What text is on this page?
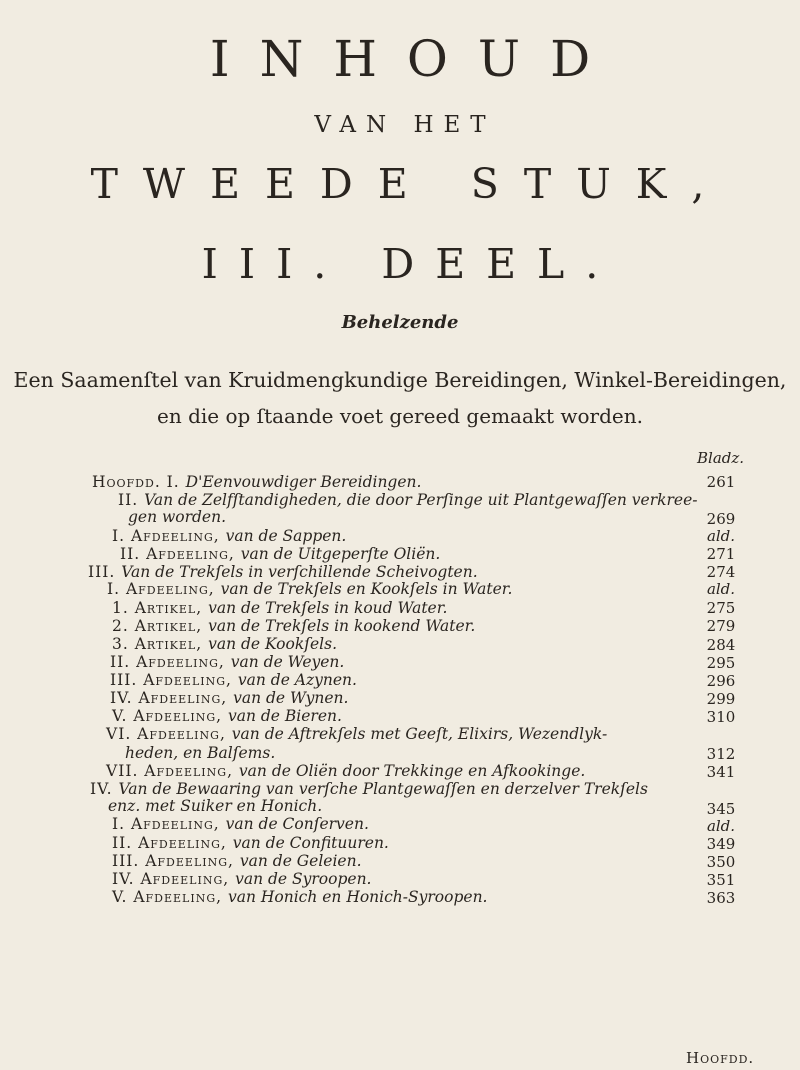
INHOUD
VAN HET
TWEEDE STUK,
III. DEEL.
Behelzende
Een Saamenſtel van Kruidmengkundige Bereidingen, Winkel-Bereidingen,
en die op ſtaande voet gereed gemaakt worden.
Bladz.
Hoofdd. I. D'Eenvouwdiger Bereidingen.	261
II. Van de Zelfſtandigheden, die door Perſinge uit Plantgewaſſen verkree-
gen worden.	269
I. Afdeeling, van de Sappen.	ald.
II. Afdeeling, van de Uitgeperſte Oliën.	271
III. Van de Trekſels in verſchillende Scheivogten.	274
I. Afdeeling, van de Trekſels en Kookſels in Water.	ald.
1. Artikel, van de Trekſels in koud Water.	275
2. Artikel, van de Trekſels in kookend Water.	279
3. Artikel, van de Kookſels.	284
II. Afdeeling, van de Weyen.	295
III. Afdeeling, van de Azynen.	296
IV. Afdeeling, van de Wynen.	299
V. Afdeeling, van de Bieren.	310
VI. Afdeeling, van de Aftrekſels met Geeſt, Elixirs, Wezendlyk-
heden, en Balſems.	312
VII. Afdeeling, van de Oliën door Trekkinge en Afkookinge.	341
IV. Van de Bewaaring van verſche Plantgewaſſen en derzelver Trekſels
enz. met Suiker en Honich.	345
I. Afdeeling, van de Conſerven.	ald.
II. Afdeeling, van de Confituuren.	349
III. Afdeeling, van de Geleien.	350
IV. Afdeeling, van de Syroopen.	351
V. Afdeeling, van Honich en Honich-Syroopen.	363
Hoofdd.
